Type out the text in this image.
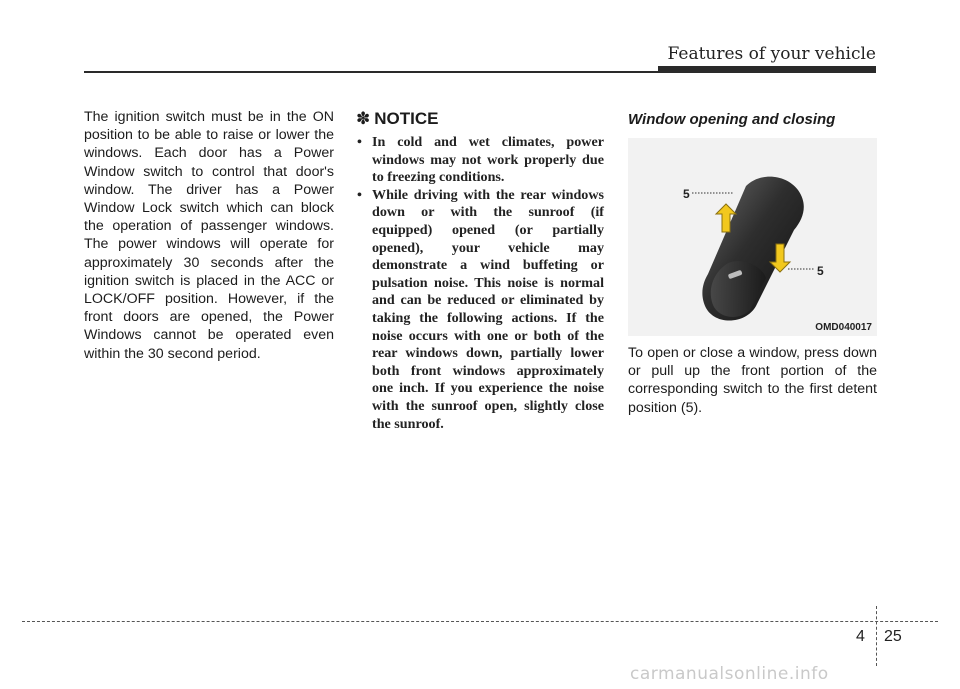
Features of your vehicle

The ignition switch must be in the ON position to be able to raise or lower the windows. Each door has a Power Window switch to control that door's window. The driver has a Power Window Lock switch which can block the operation of passenger windows. The power windows will operate for approximately 30 seconds after the ignition switch is placed in the ACC or LOCK/OFF position. However, if the front doors are opened, the Power Windows cannot be operated even within the 30 second period.

✽ NOTICE
• In cold and wet climates, power windows may not work properly due to freezing conditions.
• While driving with the rear windows down or with the sunroof (if equipped) opened (or partially opened), your vehicle may demonstrate a wind buffeting or pulsation noise. This noise is normal and can be reduced or eliminated by taking the following actions. If the noise occurs with one or both of the rear windows down, partially lower both front windows approximately one inch. If you experience the noise with the sunroof open, slightly close the sunroof.
Window opening and closing
5
5
OMD040017

To open or close a window, press down or pull up the front portion of the corresponding switch to the first detent position (5).

4 25
carmanualsonline.info
